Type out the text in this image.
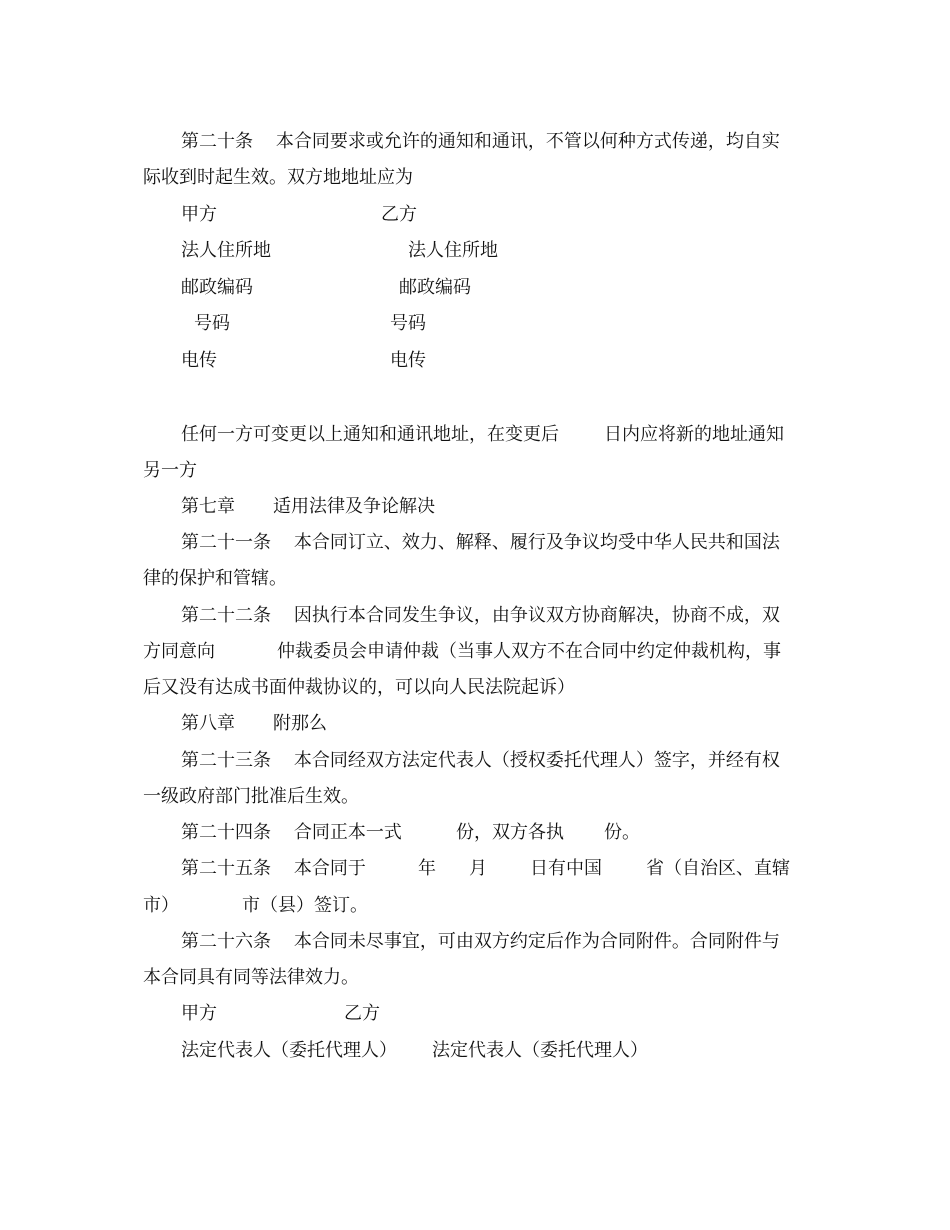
第二十条    本合同要求或允许的通知和通讯，不管以何种方式传递，均自实
际收到时起生效。双方地地址应为
甲方	乙方
法人住所地	法人住所地
邮政编码	邮政编码
号码	号码
电传	电传
任何一方可变更以上通知和通讯地址，在变更后	日内应将新的地址通知
另一方
第七章 适用法律及争论解决
第二十一条    本合同订立、效力、解释、履行及争议均受中华人民共和国法
律的保护和管辖。
第二十二条    因执行本合同发生争议，由争议双方协商解决，协商不成，双
方同意向	仲裁委员会申请仲裁（当事人双方不在合同中约定仲裁机构，事
后又没有达成书面仲裁协议的，可以向人民法院起诉）
第八章 附那么
第二十三条    本合同经双方法定代表人（授权委托代理人）签字，并经有权
一级政府部门批准后生效。
第二十四条    合同正本一式	份，双方各执 份。
第二十五条    本合同于	年 月 日有中国 省（自治区、直辖
市）	市（县）签订。
第二十六条    本合同未尽事宜，可由双方约定后作为合同附件。合同附件与
本合同具有同等法律效力。
甲方	乙方
法定代表人（委托代理人） 法定代表人（委托代理人）
